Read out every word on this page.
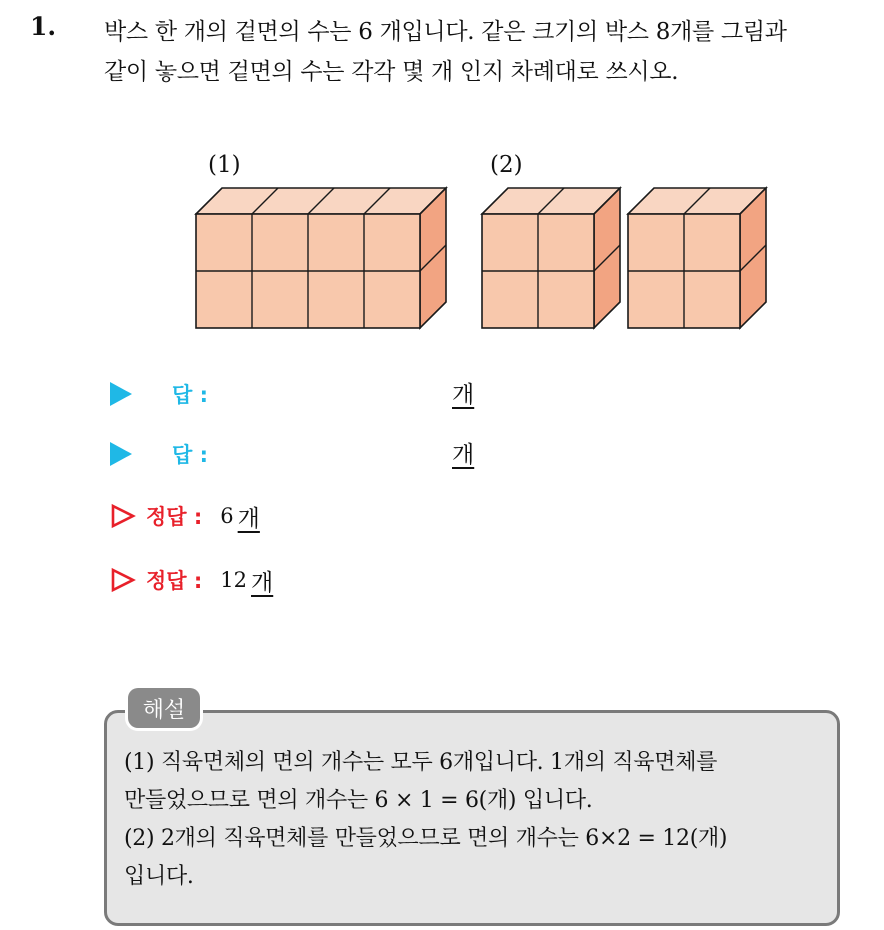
1. 박스 한 개의 겉면의 수는 6 개입니다. 같은 크기의 박스 8개를 그림과
같이 놓으면 겉면의 수는 각각 몇 개 인지 차례대로 쓰시오.
(1)	(2)
답 :	개
답 :	개
정답 : 6 개
정답 : 12 개
해설
(1) 직육면체의 면의 개수는 모두 6개입니다. 1개의 직육면체를
만들었으므로 면의 개수는 6 × 1 = 6(개) 입니다.
(2) 2개의 직육면체를 만들었으므로 면의 개수는 6×2 = 12(개)
입니다.
